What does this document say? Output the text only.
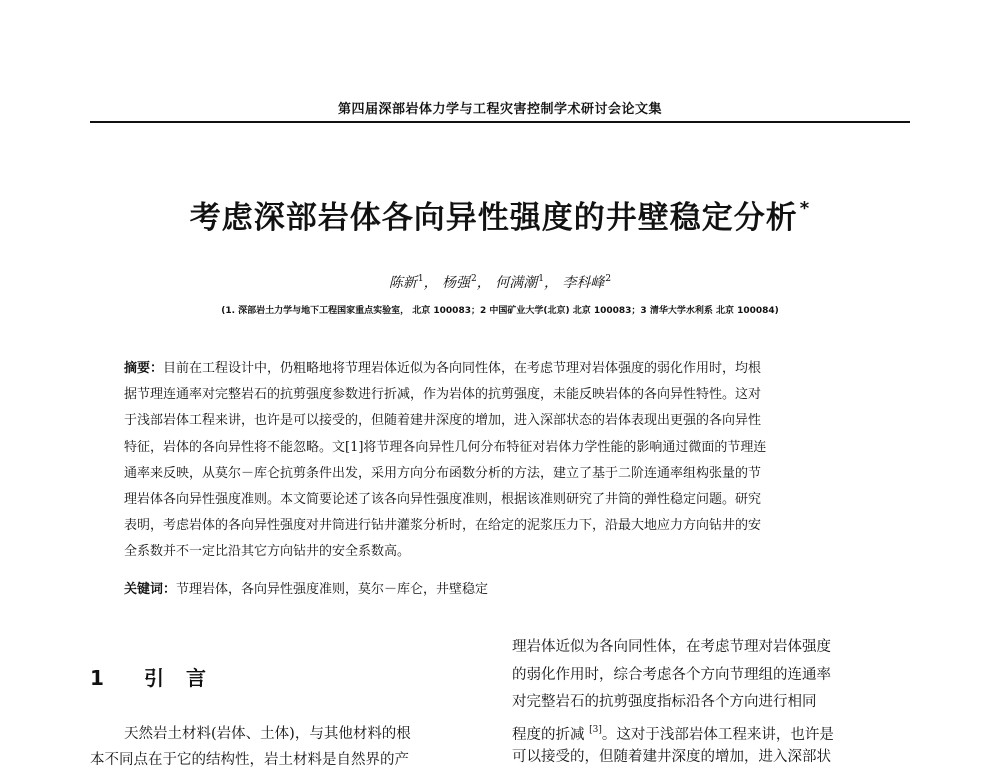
第四届深部岩体力学与工程灾害控制学术研讨会论文集
考虑深部岩体各向异性强度的井壁稳定分析 *
陈新$^1$， 杨强$^2$， 何满潮$^1$， 李科峰$^2$
(1. 深部岩土力学与地下工程国家重点实验室， 北京 100083；2 中国矿业大学(北京) 北京 100083；3 清华大学水利系 北京 100084)
摘要：目前在工程设计中，仍粗略地将节理岩体近似为各向同性体，在考虑节理对岩体强度的弱化作用时，均根
据节理连通率对完整岩石的抗剪强度参数进行折减，作为岩体的抗剪强度，未能反映岩体的各向异性特性。这对
于浅部岩体工程来讲，也许是可以接受的，但随着建井深度的增加，进入深部状态的岩体表现出更强的各向异性
特征，岩体的各向异性将不能忽略。文[1]将节理各向异性几何分布特征对岩体力学性能的影响通过微面的节理连
通率来反映，从莫尔－库仑抗剪条件出发，采用方向分布函数分析的方法，建立了基于二阶连通率组构张量的节
理岩体各向异性强度准则。本文简要论述了该各向异性强度准则，根据该准则研究了井筒的弹性稳定问题。研究
表明，考虑岩体的各向异性强度对井筒进行钻井灌浆分析时，在给定的泥浆压力下，沿最大地应力方向钻井的安
全系数并不一定比沿其它方向钻井的安全系数高。
关键词：节理岩体，各向异性强度准则，莫尔－库仑，井壁稳定
1 引言
天然岩土材料(岩体、土体)，与其他材料的根
本不同点在于它的结构性，岩土材料是自然界的产
理岩体近似为各向同性体，在考虑节理对岩体强度
的弱化作用时，综合考虑各个方向节理组的连通率
对完整岩石的抗剪强度指标沿各个方向进行相同
程度的折减 [3]。这对于浅部岩体工程来讲，也许是
可以接受的，但随着建井深度的增加，进入深部状
